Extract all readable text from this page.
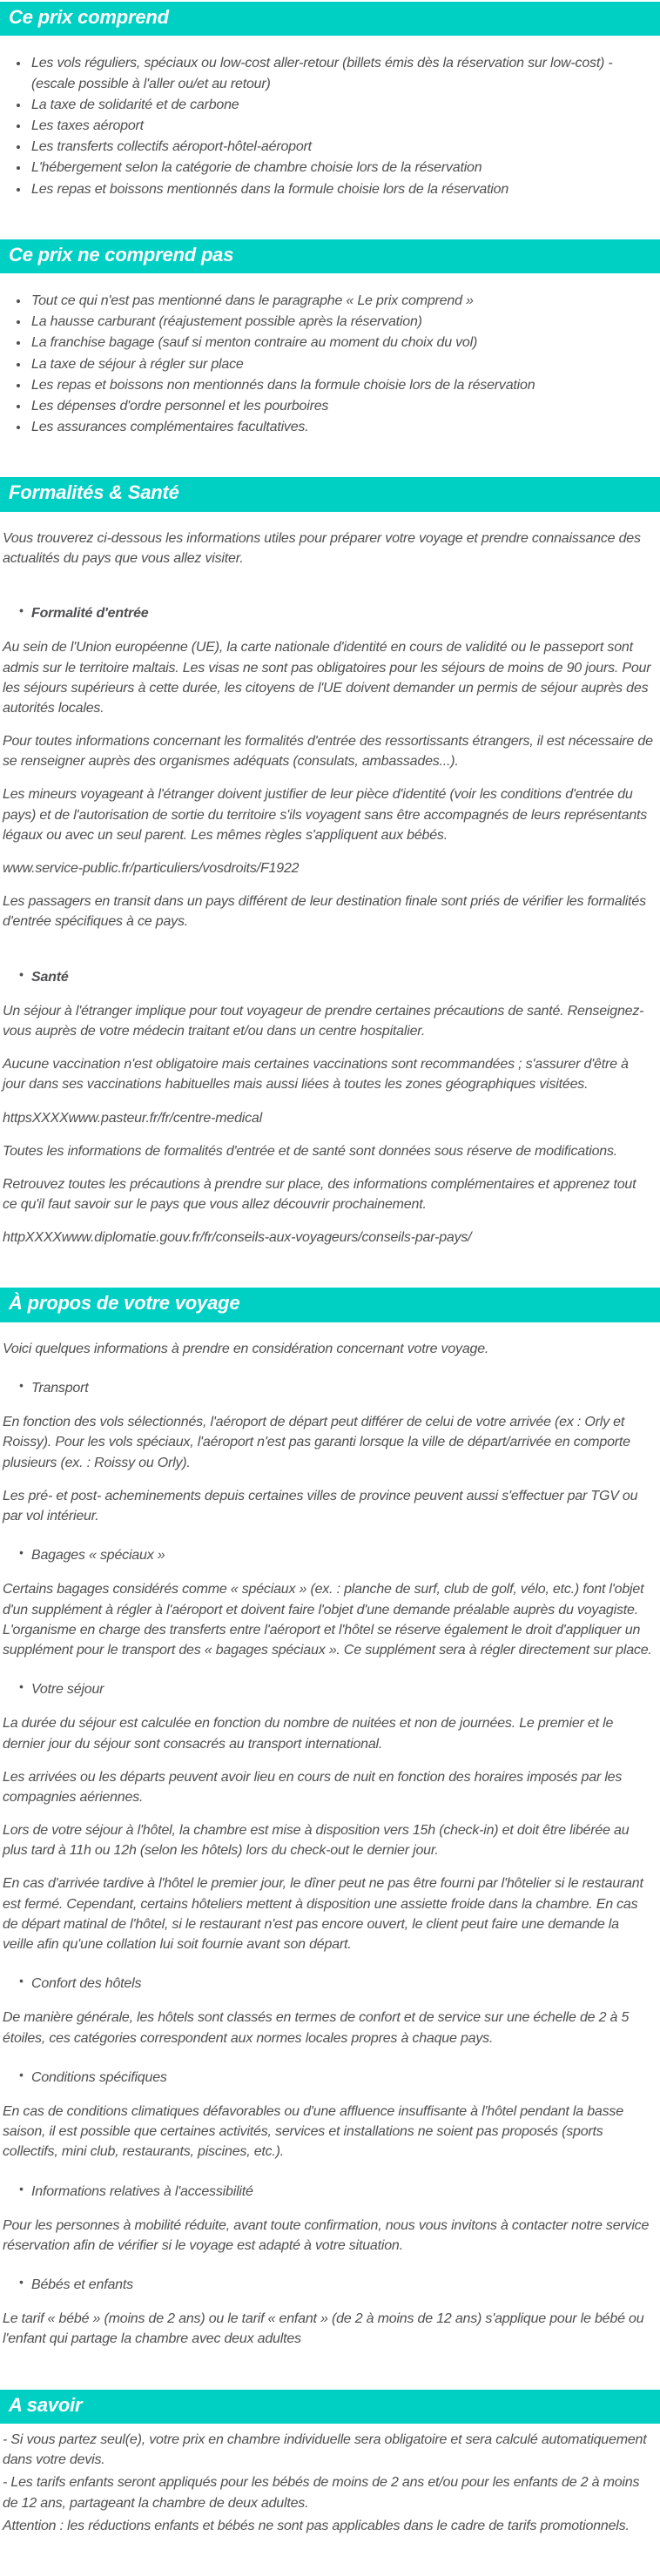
Ce prix comprend
• Les vols réguliers, spéciaux ou low-cost aller-retour (billets émis dès la réservation sur low-cost) - (escale possible à l'aller ou/et au retour)
• La taxe de solidarité et de carbone
• Les taxes aéroport
• Les transferts collectifs aéroport-hôtel-aéroport
• L'hébergement selon la catégorie de chambre choisie lors de la réservation
• Les repas et boissons mentionnés dans la formule choisie lors de la réservation
Ce prix ne comprend pas
• Tout ce qui n'est pas mentionné dans le paragraphe « Le prix comprend »
• La hausse carburant (réajustement possible après la réservation)
• La franchise bagage (sauf si menton contraire au moment du choix du vol)
• La taxe de séjour à régler sur place
• Les repas et boissons non mentionnés dans la formule choisie lors de la réservation
• Les dépenses d'ordre personnel et les pourboires
• Les assurances complémentaires facultatives.
Formalités & Santé

Vous trouverez ci-dessous les informations utiles pour préparer votre voyage et prendre connaissance des actualités du pays que vous allez visiter.

• Formalité d'entrée

Au sein de l'Union européenne (UE), la carte nationale d'identité en cours de validité ou le passeport sont admis sur le territoire maltais. Les visas ne sont pas obligatoires pour les séjours de moins de 90 jours. Pour les séjours supérieurs à cette durée, les citoyens de l'UE doivent demander un permis de séjour auprès des autorités locales.

Pour toutes informations concernant les formalités d'entrée des ressortissants étrangers, il est nécessaire de se renseigner auprès des organismes adéquats (consulats, ambassades...).

Les mineurs voyageant à l'étranger doivent justifier de leur pièce d'identité (voir les conditions d'entrée du pays) et de l'autorisation de sortie du territoire s'ils voyagent sans être accompagnés de leurs représentants légaux ou avec un seul parent. Les mêmes règles s'appliquent aux bébés.

www.service-public.fr/particuliers/vosdroits/F1922

Les passagers en transit dans un pays différent de leur destination finale sont priés de vérifier les formalités d'entrée spécifiques à ce pays.

• Santé

Un séjour à l'étranger implique pour tout voyageur de prendre certaines précautions de santé. Renseignez-vous auprès de votre médecin traitant et/ou dans un centre hospitalier.

Aucune vaccination n'est obligatoire mais certaines vaccinations sont recommandées ; s'assurer d'être à jour dans ses vaccinations habituelles mais aussi liées à toutes les zones géographiques visitées.

httpsXXXXwww.pasteur.fr/fr/centre-medical

Toutes les informations de formalités d'entrée et de santé sont données sous réserve de modifications.

Retrouvez toutes les précautions à prendre sur place, des informations complémentaires et apprenez tout ce qu'il faut savoir sur le pays que vous allez découvrir prochainement.

httpXXXXwww.diplomatie.gouv.fr/fr/conseils-aux-voyageurs/conseils-par-pays/

À propos de votre voyage

Voici quelques informations à prendre en considération concernant votre voyage.

• Transport

En fonction des vols sélectionnés, l'aéroport de départ peut différer de celui de votre arrivée (ex : Orly et Roissy). Pour les vols spéciaux, l'aéroport n'est pas garanti lorsque la ville de départ/arrivée en comporte plusieurs (ex. : Roissy ou Orly).

Les pré- et post- acheminements depuis certaines villes de province peuvent aussi s'effectuer par TGV ou par vol intérieur.

• Bagages « spéciaux »

Certains bagages considérés comme « spéciaux » (ex. : planche de surf, club de golf, vélo, etc.) font l'objet d'un supplément à régler à l'aéroport et doivent faire l'objet d'une demande préalable auprès du voyagiste. L'organisme en charge des transferts entre l'aéroport et l'hôtel se réserve également le droit d'appliquer un supplément pour le transport des « bagages spéciaux ». Ce supplément sera à régler directement sur place.

• Votre séjour

La durée du séjour est calculée en fonction du nombre de nuitées et non de journées. Le premier et le dernier jour du séjour sont consacrés au transport international.

Les arrivées ou les départs peuvent avoir lieu en cours de nuit en fonction des horaires imposés par les compagnies aériennes.

Lors de votre séjour à l'hôtel, la chambre est mise à disposition vers 15h (check-in) et doit être libérée au plus tard à 11h ou 12h (selon les hôtels) lors du check-out le dernier jour.

En cas d'arrivée tardive à l'hôtel le premier jour, le dîner peut ne pas être fourni par l'hôtelier si le restaurant est fermé. Cependant, certains hôteliers mettent à disposition une assiette froide dans la chambre. En cas de départ matinal de l'hôtel, si le restaurant n'est pas encore ouvert, le client peut faire une demande la veille afin qu'une collation lui soit fournie avant son départ.

• Confort des hôtels

De manière générale, les hôtels sont classés en termes de confort et de service sur une échelle de 2 à 5 étoiles, ces catégories correspondent aux normes locales propres à chaque pays.

• Conditions spécifiques

En cas de conditions climatiques défavorables ou d'une affluence insuffisante à l'hôtel pendant la basse saison, il est possible que certaines activités, services et installations ne soient pas proposés (sports collectifs, mini club, restaurants, piscines, etc.).

• Informations relatives à l'accessibilité

Pour les personnes à mobilité réduite, avant toute confirmation, nous vous invitons à contacter notre service réservation afin de vérifier si le voyage est adapté à votre situation.

• Bébés et enfants

Le tarif « bébé » (moins de 2 ans) ou le tarif « enfant » (de 2 à moins de 12 ans) s'applique pour le bébé ou l'enfant qui partage la chambre avec deux adultes

A savoir

- Si vous partez seul(e), votre prix en chambre individuelle sera obligatoire et sera calculé automatiquement dans votre devis.

- Les tarifs enfants seront appliqués pour les bébés de moins de 2 ans et/ou pour les enfants de 2 à moins de 12 ans, partageant la chambre de deux adultes.

Attention : les réductions enfants et bébés ne sont pas applicables dans le cadre de tarifs promotionnels.
